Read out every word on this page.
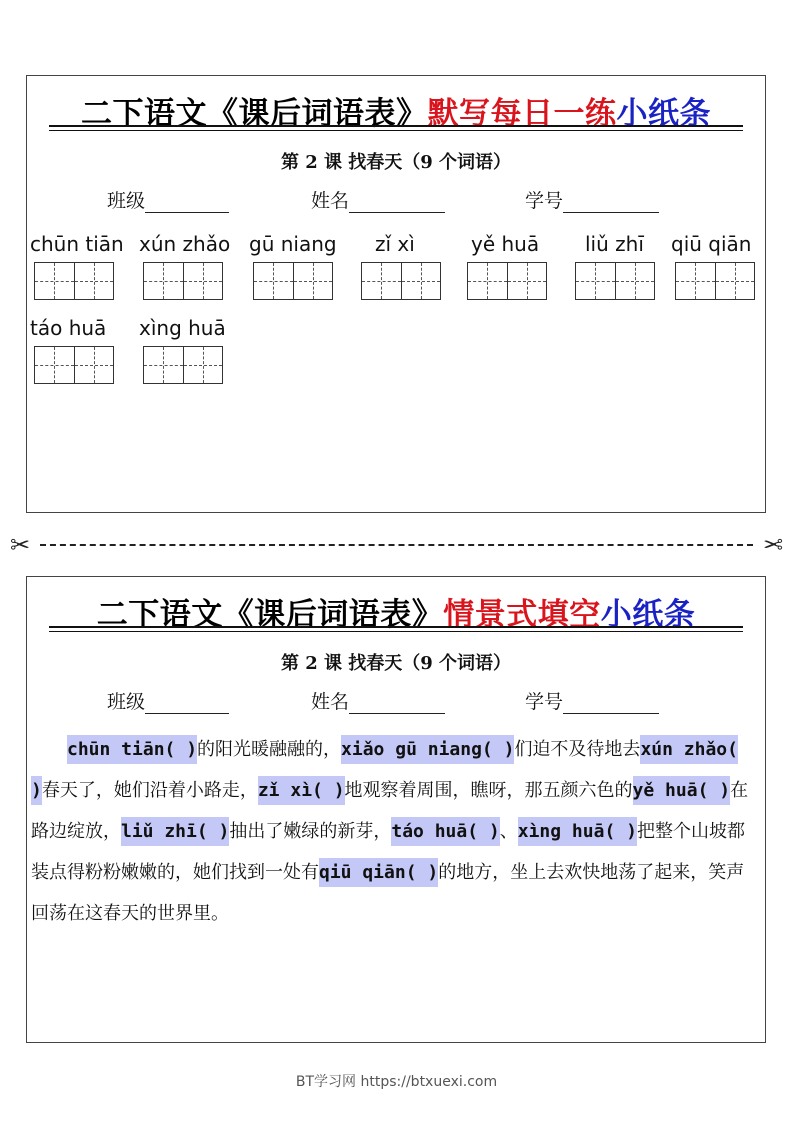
二下语文《课后词语表》默写每日一练小纸条
第 2 课 找春天（9 个词语）
班级	姓名	学号
chūn tiān xún zhǎo gū niang zǐ xì	yě huā liǔ zhī qiū qiān
táo huā xìng huā
✂	✂
二下语文《课后词语表》情景式填空小纸条
第 2 课 找春天（9 个词语）
班级	姓名	学号
　　chūn tiān( )的阳光暖融融的，xiǎo gū niang( )们迫不及待地去xún zhǎo( )春天了，她们沿着小路走，zǐ xì( )地观察着周围，瞧呀，那五颜六色的yě huā( )在路边绽放，liǔ zhī( )抽出了嫩绿的新芽，táo huā( )、xìng huā( )把整个山坡都装点得粉粉嫩嫩的，她们找到一处有qiū qiān( )的地方，坐上去欢快地荡了起来，笑声回荡在这春天的世界里。
BT学习网 https://btxuexi.com
